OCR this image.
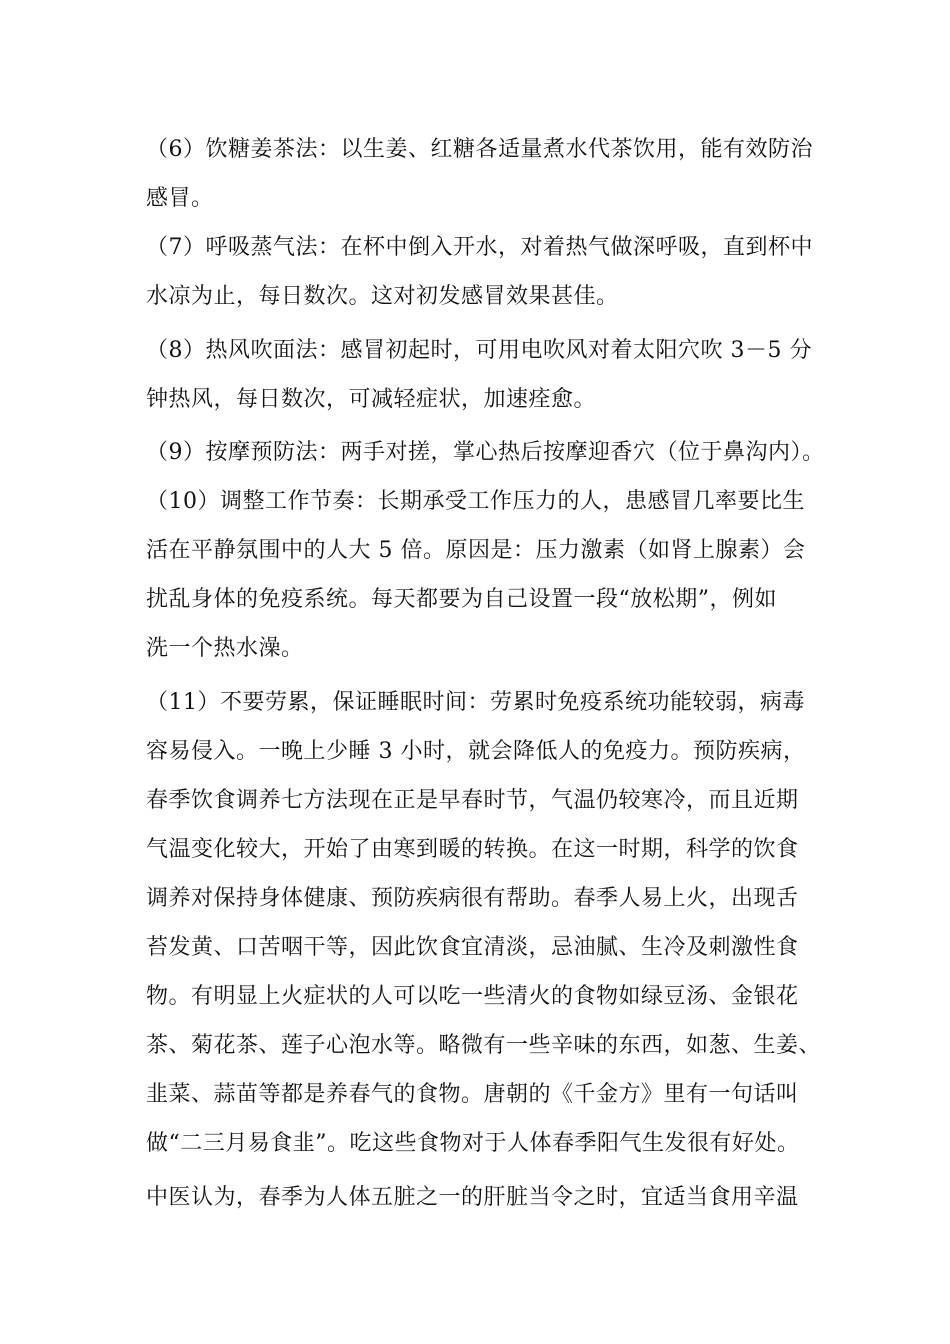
（6）饮糖姜茶法：以生姜、红糖各适量煮水代茶饮用，能有效防治
感冒。
（7）呼吸蒸气法：在杯中倒入开水，对着热气做深呼吸，直到杯中
水凉为止，每日数次。这对初发感冒效果甚佳。
（8）热风吹面法：感冒初起时，可用电吹风对着太阳穴吹 3－5 分
钟热风，每日数次，可减轻症状，加速痊愈。
（9）按摩预防法：两手对搓，掌心热后按摩迎香穴（位于鼻沟内）。
（10）调整工作节奏：长期承受工作压力的人，患感冒几率要比生
活在平静氛围中的人大 5 倍。原因是：压力激素（如肾上腺素）会
扰乱身体的免疫系统。每天都要为自己设置一段“放松期”，例如
洗一个热水澡。
（11）不要劳累，保证睡眠时间：劳累时免疫系统功能较弱，病毒
容易侵入。一晚上少睡 3 小时，就会降低人的免疫力。预防疾病，
春季饮食调养七方法现在正是早春时节，气温仍较寒冷，而且近期
气温变化较大，开始了由寒到暖的转换。在这一时期，科学的饮食
调养对保持身体健康、预防疾病很有帮助。春季人易上火，出现舌
苔发黄、口苦咽干等，因此饮食宜清淡，忌油腻、生冷及刺激性食
物。有明显上火症状的人可以吃一些清火的食物如绿豆汤、金银花
茶、菊花茶、莲子心泡水等。略微有一些辛味的东西，如葱、生姜、
韭菜、蒜苗等都是养春气的食物。唐朝的《千金方》里有一句话叫
做“二三月易食韭”。吃这些食物对于人体春季阳气生发很有好处。
中医认为，春季为人体五脏之一的肝脏当令之时，宜适当食用辛温
